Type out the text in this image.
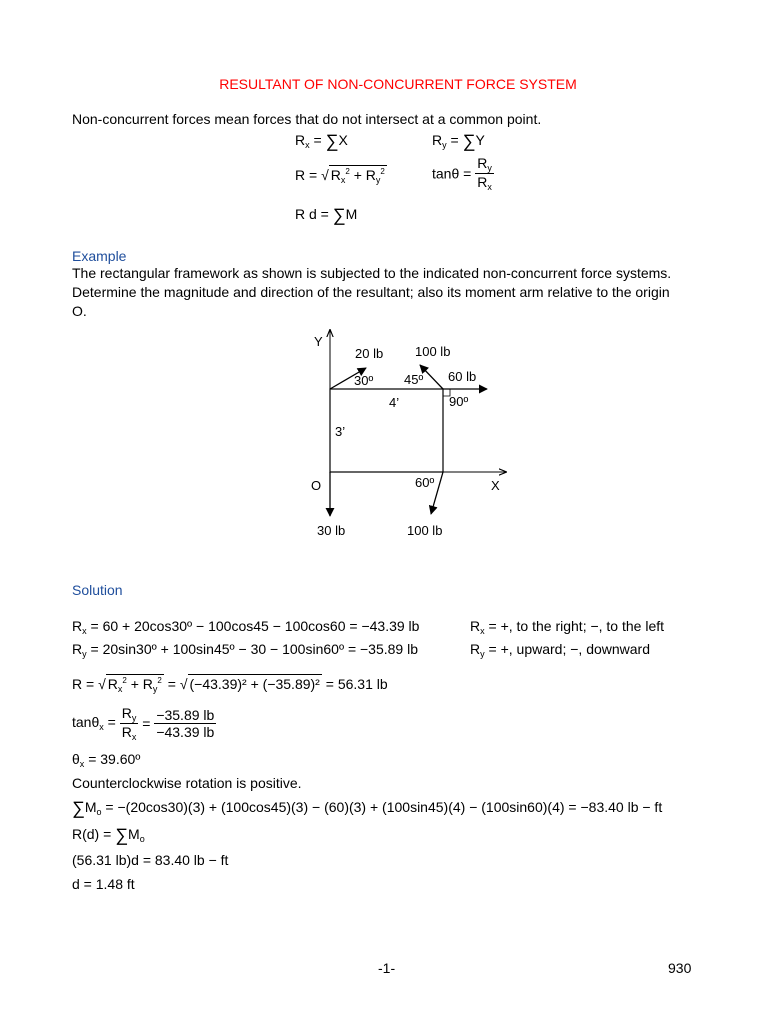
RESULTANT OF NON-CONCURRENT FORCE SYSTEM
Non-concurrent forces mean forces that do not intersect at a common point.
$R_x = \sum X$	$R_y = \sum Y$
R = √ $R_x^2 + R_y^2$	$\tan\theta = \frac{R_y}{R_x}$
R d = ∑M
Example
The rectangular framework as shown is subjected to the indicated non-concurrent force systems.
Determine the magnitude and direction of the resultant; also its moment arm relative to the origin
O.
Y
20 lb 100 lb
60 lb
30º 45º
90º
4’
3’
O	60º	X
30 lb	100 lb
Solution
$R_x = 60$ + 20cos30º − 100cos45 − 100cos60 = −43.39 lb	$R_x$ = +, to the right; −, to the left
$R_y$ = 20sin30º + 100sin45º − 30 − 100sin60º = −35.89 lb	$R_y$ = +, upward; −, downward
R = √ $R_x^2 + R_y^2$ = √ (−43.39)² + (−35.89)² = 56.31 lb
$\tan\theta_x = \frac{R_y}{R_x} = \frac{-35.89 lb}{-43.39 lb}$
$\theta_x$ = 39.60º
Counterclockwise rotation is positive.
$\sum M_o = -(20\cos 30)(3) + (100\cos 45)(3) - (60)(3) + (100\sin 45)(4) - (100\sin 60)(4) = -83.40$ lb − ft
$R(d) = \sum M_o$
(56.31 lb)d = 83.40 lb − ft
d = 1.48 ft
-1-	930
